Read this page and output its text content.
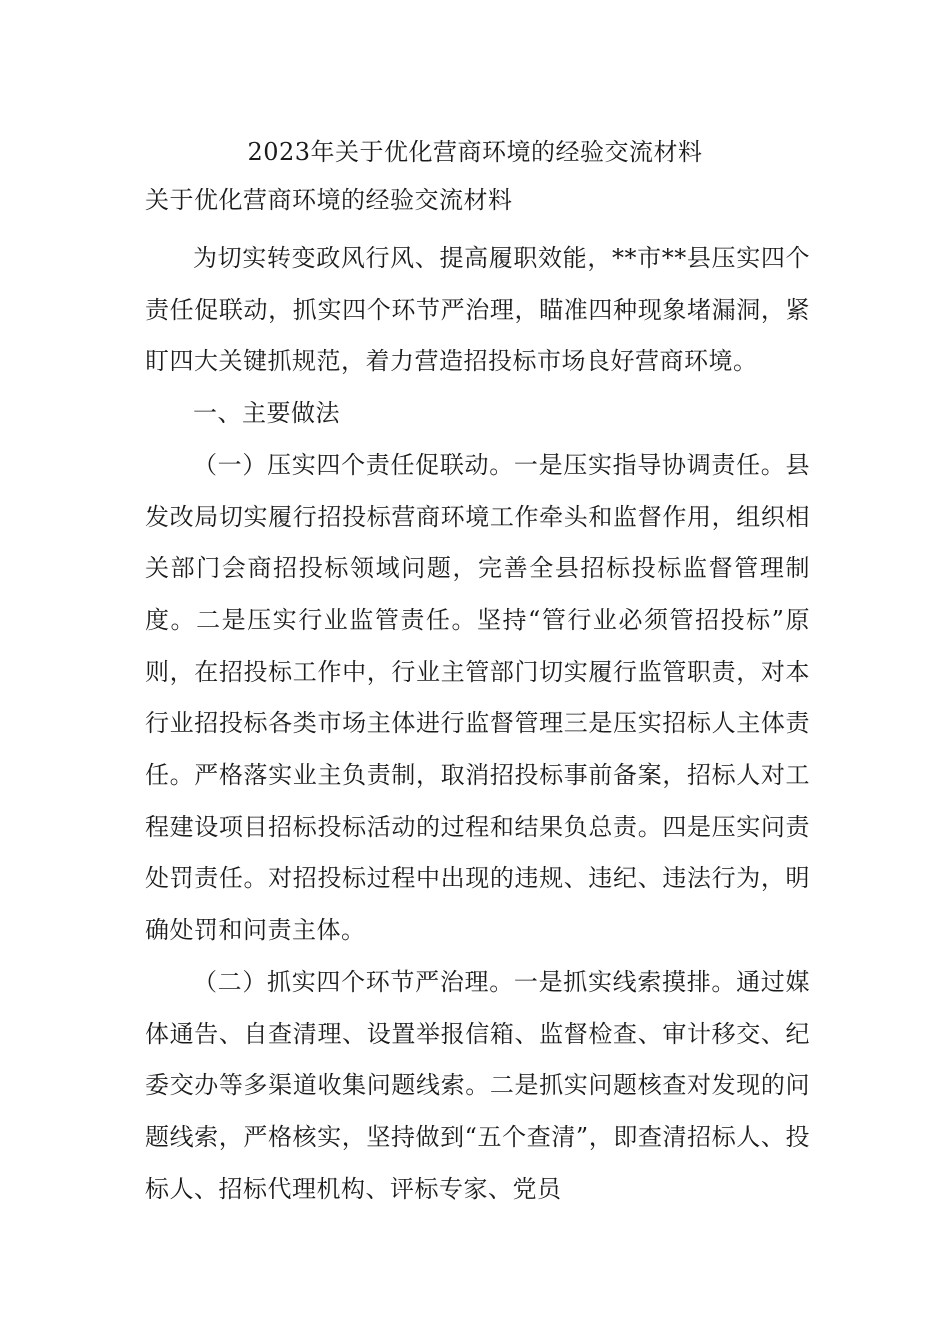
2023年关于优化营商环境的经验交流材料
关于优化营商环境的经验交流材料

为切实转变政风行风、提高履职效能，**市**县压实四个责任促联动，抓实四个环节严治理，瞄准四种现象堵漏洞，紧盯四大关键抓规范，着力营造招投标市场良好营商环境。

一、主要做法

（一）压实四个责任促联动。一是压实指导协调责任。县发改局切实履行招投标营商环境工作牵头和监督作用，组织相关部门会商招投标领域问题，完善全县招标投标监督管理制度。二是压实行业监管责任。坚持“管行业必须管招投标”原则，在招投标工作中，行业主管部门切实履行监管职责，对本行业招投标各类市场主体进行监督管理三是压实招标人主体责任。严格落实业主负责制，取消招投标事前备案，招标人对工程建设项目招标投标活动的过程和结果负总责。四是压实问责处罚责任。对招投标过程中出现的违规、违纪、违法行为，明确处罚和问责主体。

（二）抓实四个环节严治理。一是抓实线索摸排。通过媒体通告、自查清理、设置举报信箱、监督检查、审计移交、纪委交办等多渠道收集问题线索。二是抓实问题核查对发现的问题线索，严格核实，坚持做到“五个查清”，即查清招标人、投标人、招标代理机构、评标专家、党员
